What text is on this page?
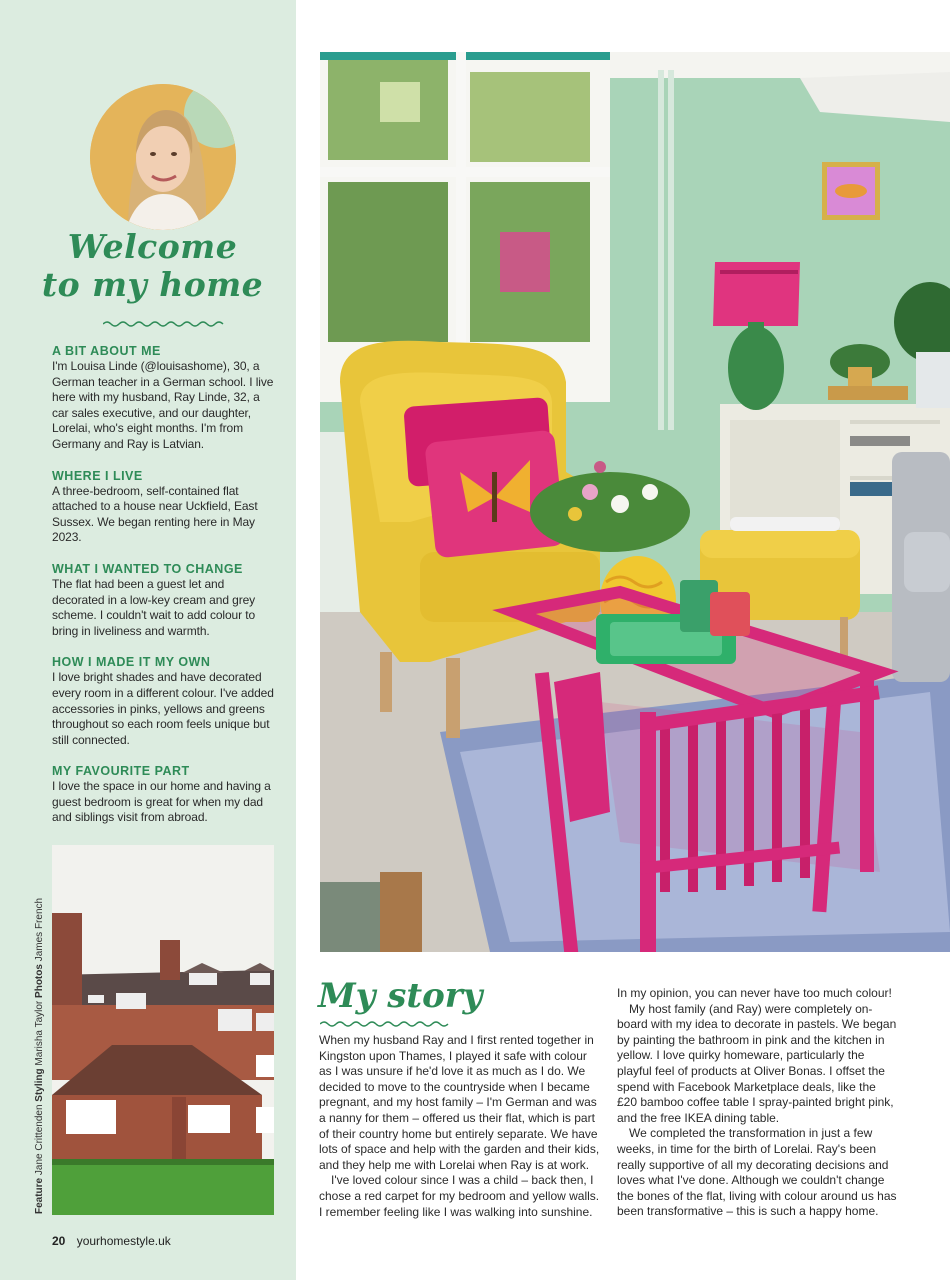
Welcome
to my home
A BIT ABOUT ME

I'm Louisa Linde (@louisashome), 30, a German teacher in a German school. I live here with my husband, Ray Linde, 32, a car sales executive, and our daughter, Lorelai, who's eight months. I'm from Germany and Ray is Latvian.

WHERE I LIVE

A three-bedroom, self-contained flat attached to a house near Uckfield, East Sussex. We began renting here in May 2023.

WHAT I WANTED TO CHANGE

The flat had been a guest let and decorated in a low-key cream and grey scheme. I couldn't wait to add colour to bring in liveliness and warmth.

HOW I MADE IT MY OWN

I love bright shades and have decorated every room in a different colour. I've added accessories in pinks, yellows and greens throughout so each room feels unique but still connected.

MY FAVOURITE PART

I love the space in our home and having a guest bedroom is great for when my dad and siblings visit from abroad.

Feature Jane Crittenden Styling Marisha Taylor Photos James French
20 yourhomestyle.uk
My story

When my husband Ray and I first rented together in Kingston upon Thames, I played it safe with colour as I was unsure if he'd love it as much as I do. We decided to move to the countryside when I became pregnant, and my host family – I'm German and was a nanny for them – offered us their flat, which is part of their country home but entirely separate. We have lots of space and help with the garden and their kids, and they help me with Lorelai when Ray is at work.

I've loved colour since I was a child – back then, I chose a red carpet for my bedroom and yellow walls. I remember feeling like I was walking into sunshine.

In my opinion, you can never have too much colour!

My host family (and Ray) were completely on-board with my idea to decorate in pastels. We began by painting the bathroom in pink and the kitchen in yellow. I love quirky homeware, particularly the playful feel of products at Oliver Bonas. I offset the spend with Facebook Marketplace deals, like the £20 bamboo coffee table I spray-painted bright pink, and the free IKEA dining table.

We completed the transformation in just a few weeks, in time for the birth of Lorelai. Ray's been really supportive of all my decorating decisions and loves what I've done. Although we couldn't change the bones of the flat, living with colour around us has been transformative – this is such a happy home.
